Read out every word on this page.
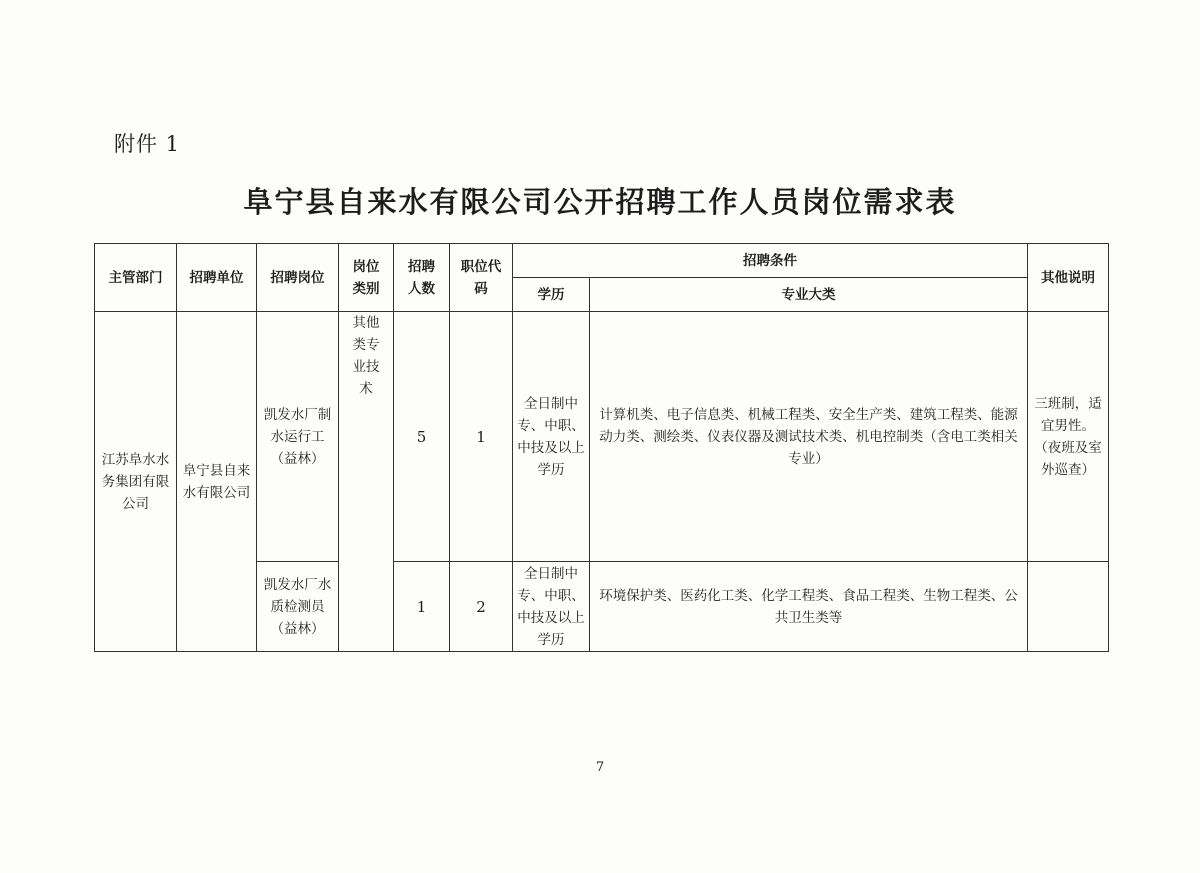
附件 1
阜宁县自来水有限公司公开招聘工作人员岗位需求表
主管部门	招聘单位	招聘岗位	岗位类别	招聘人数	职位代码	招聘条件		其他说明
						学历	专业大类	
江苏阜水水务集团有限公司	阜宁县自来水有限公司	凯发水厂制水运行工（益林）	其他类专业技术	5	1	全日制中专、中职、中技及以上学历	计算机类、电子信息类、机械工程类、安全生产类、建筑工程类、能源动力类、测绘类、仪表仪器及测试技术类、机电控制类（含电工类相关专业）	三班制，适宜男性。（夜班及室外巡查）
		凯发水厂水质检测员（益林）		1	2	全日制中专、中职、中技及以上学历	环境保护类、医药化工类、化学工程类、食品工程类、生物工程类、公共卫生类等	
7
